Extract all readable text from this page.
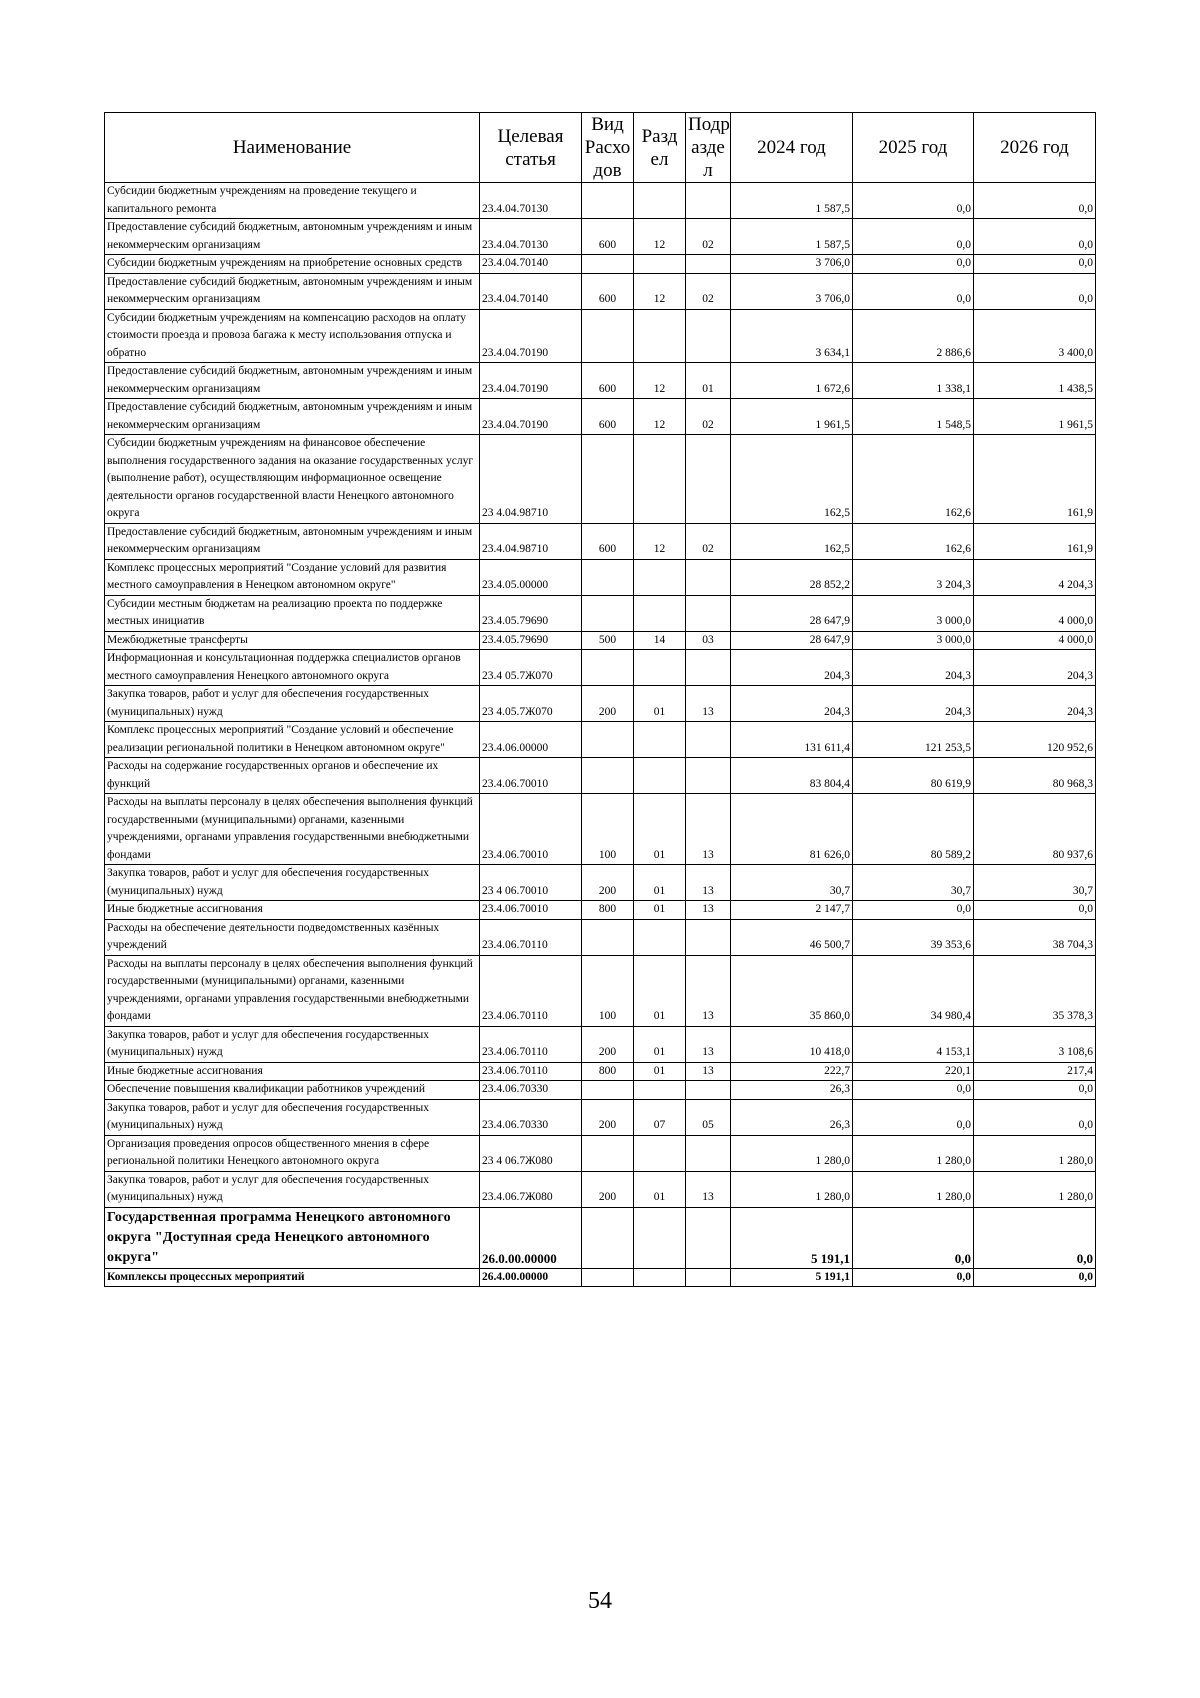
Наименование	Целевая статья	Вид Расхо дов	Разд ел	Подр азде л	2024 год	2025 год	2026 год
Субсидии бюджетным учреждениям на проведение текущего и капитального ремонта	23.4.04.70130				1 587,5	0,0	0,0
Предоставление субсидий бюджетным, автономным учреждениям и иным некоммерческим организациям	23.4.04.70130	600	12	02	1 587,5	0,0	0,0
Субсидии бюджетным учреждениям на приобретение основных средств	23.4.04.70140				3 706,0	0,0	0,0
Предоставление субсидий бюджетным, автономным учреждениям и иным некоммерческим организациям	23.4.04.70140	600	12	02	3 706,0	0,0	0,0
Субсидии бюджетным учреждениям на компенсацию расходов на оплату стоимости проезда и провоза багажа к месту использования отпуска и обратно	23.4.04.70190				3 634,1	2 886,6	3 400,0
Предоставление субсидий бюджетным, автономным учреждениям и иным некоммерческим организациям	23.4.04.70190	600	12	01	1 672,6	1 338,1	1 438,5
Предоставление субсидий бюджетным, автономным учреждениям и иным некоммерческим организациям	23.4.04.70190	600	12	02	1 961,5	1 548,5	1 961,5
Субсидии бюджетным учреждениям на финансовое обеспечение выполнения государственного задания на оказание государственных услуг (выполнение работ), осуществляющим информационное освещение деятельности органов государственной власти Ненецкого автономного округа	23 4.04.98710				162,5	162,6	161,9
Предоставление субсидий бюджетным, автономным учреждениям и иным некоммерческим организациям	23.4.04.98710	600	12	02	162,5	162,6	161,9
Комплекс процессных мероприятий "Создание условий для развития местного самоуправления в Ненецком автономном округе"	23.4.05.00000				28 852,2	3 204,3	4 204,3
Субсидии местным бюджетам на реализацию проекта по поддержке местных инициатив	23.4.05.79690				28 647,9	3 000,0	4 000,0
Межбюджетные трансферты	23.4.05.79690	500	14	03	28 647,9	3 000,0	4 000,0
Информационная и консультационная поддержка специалистов органов местного самоуправления Ненецкого автономного округа	23.4 05.7Ж070				204,3	204,3	204,3
Закупка товаров, работ и услуг для обеспечения государственных (муниципальных) нужд	23 4.05.7Ж070	200	01	13	204,3	204,3	204,3
Комплекс процессных мероприятий "Создание условий и обеспечение реализации региональной политики в Ненецком автономном округе"	23.4.06.00000				131 611,4	121 253,5	120 952,6
Расходы на содержание государственных органов и обеспечение их функций	23.4.06.70010				83 804,4	80 619,9	80 968,3
Расходы на выплаты персоналу в целях обеспечения выполнения функций государственными (муниципальными) органами, казенными учреждениями, органами управления государственными внебюджетными фондами	23.4.06.70010	100	01	13	81 626,0	80 589,2	80 937,6
Закупка товаров, работ и услуг для обеспечения государственных (муниципальных) нужд	23 4 06.70010	200	01	13	30,7	30,7	30,7
Иные бюджетные ассигнования	23.4.06.70010	800	01	13	2 147,7	0,0	0,0
Расходы на обеспечение деятельности подведомственных казённых учреждений	23.4.06.70110				46 500,7	39 353,6	38 704,3
Расходы на выплаты персоналу в целях обеспечения выполнения функций государственными (муниципальными) органами, казенными учреждениями, органами управления государственными внебюджетными фондами	23.4.06.70110	100	01	13	35 860,0	34 980,4	35 378,3
Закупка товаров, работ и услуг для обеспечения государственных (муниципальных) нужд	23.4.06.70110	200	01	13	10 418,0	4 153,1	3 108,6
Иные бюджетные ассигнования	23.4.06.70110	800	01	13	222,7	220,1	217,4
Обеспечение повышения квалификации работников учреждений	23.4.06.70330				26,3	0,0	0,0
Закупка товаров, работ и услуг для обеспечения государственных (муниципальных) нужд	23.4.06.70330	200	07	05	26,3	0,0	0,0
Организация проведения опросов общественного мнения в сфере региональной политики Ненецкого автономного округа	23 4 06.7Ж080				1 280,0	1 280,0	1 280,0
Закупка товаров, работ и услуг для обеспечения государственных (муниципальных) нужд	23.4.06.7Ж080	200	01	13	1 280,0	1 280,0	1 280,0
Государственная программа Ненецкого автономного округа "Доступная среда Ненецкого автономного округа"	26.0.00.00000				5 191,1	0,0	0,0
Комплексы процессных мероприятий	26.4.00.00000				5 191,1	0,0	0,0
54
